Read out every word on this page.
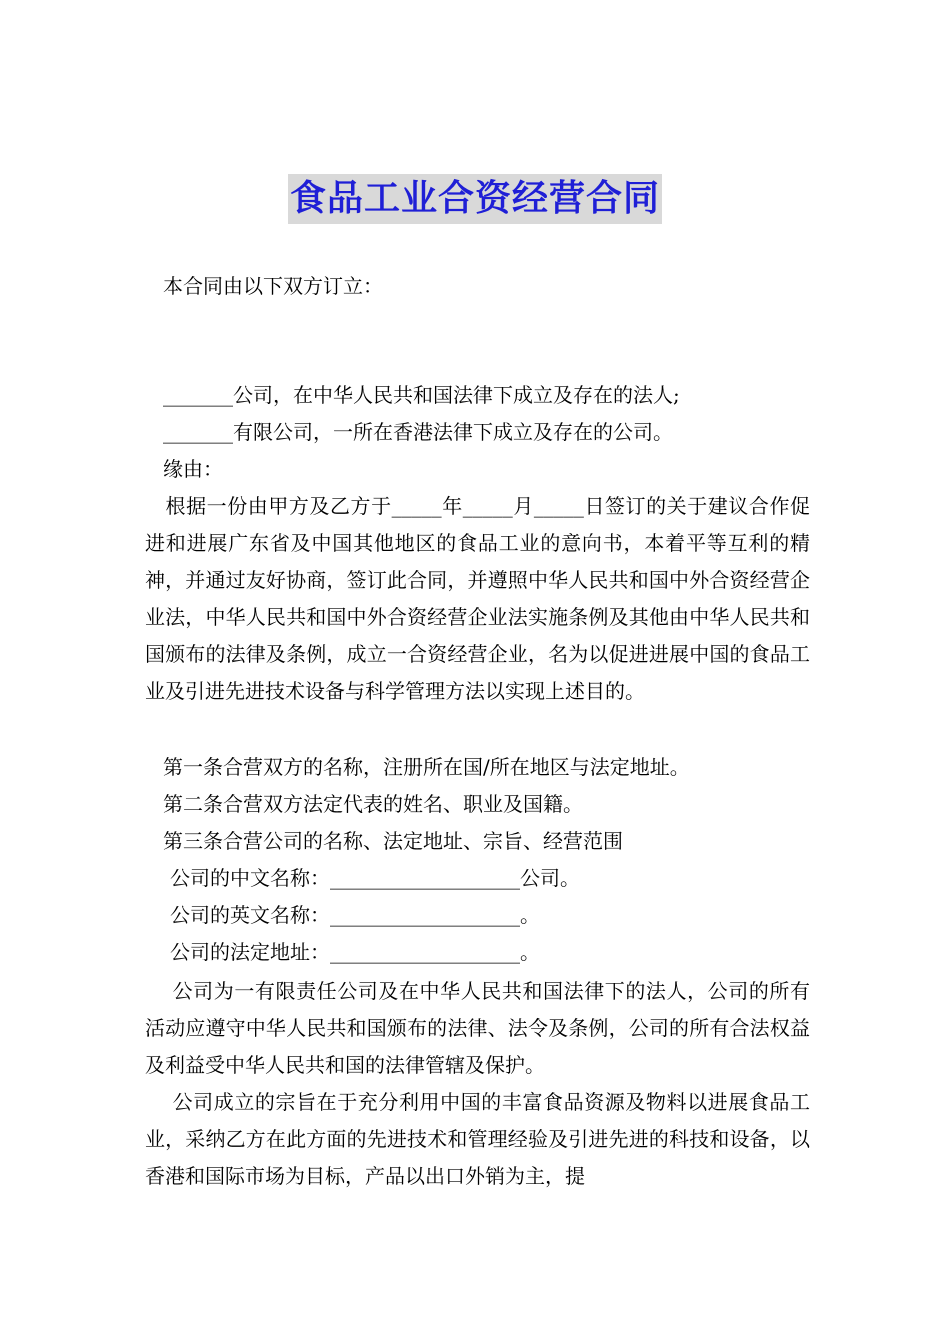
食品工业合资经营合同
本合同由以下双方订立：
_______公司，在中华人民共和国法律下成立及存在的法人;
_______有限公司，一所在香港法律下成立及存在的公司。
缘由：
根据一份由甲方及乙方于_____年_____月_____日签订的关于建议合作促进和进展广东省及中国其他地区的食品工业的意向书，本着平等互利的精神，并通过友好协商，签订此合同，并遵照中华人民共和国中外合资经营企业法，中华人民共和国中外合资经营企业法实施条例及其他由中华人民共和国颁布的法律及条例，成立一合资经营企业，名为以促进进展中国的食品工业及引进先进技术设备与科学管理方法以实现上述目的。
第一条合营双方的名称，注册所在国/所在地区与法定地址。
第二条合营双方法定代表的姓名、职业及国籍。
第三条合营公司的名称、法定地址、宗旨、经营范围
公司的中文名称：___________________公司。
公司的英文名称：___________________。
公司的法定地址：___________________。
公司为一有限责任公司及在中华人民共和国法律下的法人，公司的所有活动应遵守中华人民共和国颁布的法律、法令及条例，公司的所有合法权益及利益受中华人民共和国的法律管辖及保护。
公司成立的宗旨在于充分利用中国的丰富食品资源及物料以进展食品工业，采纳乙方在此方面的先进技术和管理经验及引进先进的科技和设备，以香港和国际市场为目标，产品以出口外销为主，提
